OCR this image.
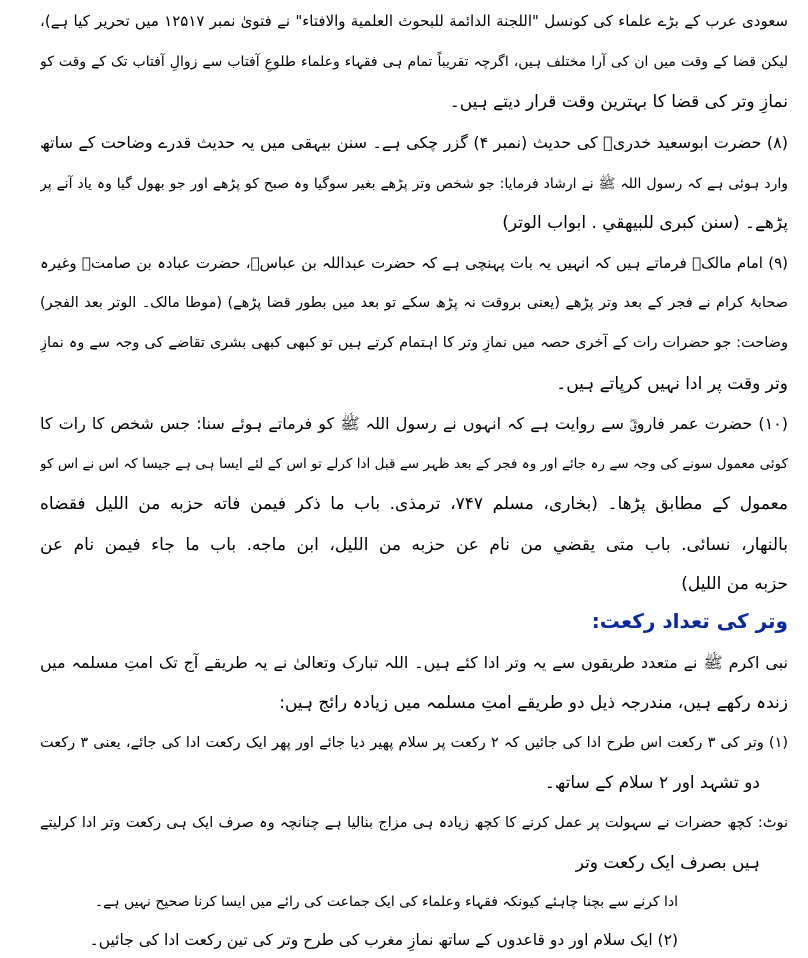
سعودی عرب کے بڑے علماء کی کونسل "اللجنة الدائمة للبحوث العلمية والافتاء" نے فتویٰ نمبر ۱۲۵۱۷ میں تحریر کیا ہے)،
لیکن قضا کے وقت میں ان کی آرا مختلف ہیں، اگرچہ تقریباً تمام ہی فقہاء وعلماء طلوعِ آفتاب سے زوالِ آفتاب تک کے وقت کو
نمازِ وتر کی قضا کا بہترین وقت قرار دیتے ہیں۔
(۸) حضرت ابوسعید خدریؓ کی حدیث (نمبر ۴) گزر چکی ہے۔ سنن بیہقی میں یہ حدیث قدرے وضاحت کے ساتھ
وارد ہوئی ہے کہ رسول اللہ ﷺ نے ارشاد فرمایا: جو شخص وتر پڑھے بغیر سوگیا وہ صبح کو پڑھے اور جو بھول گیا وہ یاد آنے پر
پڑھے۔ (سنن كبرى للبيهقي . ابواب الوتر)
(۹) امام مالکؒ فرماتے ہیں کہ انہیں یہ بات پہنچی ہے کہ حضرت عبداللہ بن عباسؓ، حضرت عبادہ بن صامتؓ وغیرہ
صحابۂ کرام نے فجر کے بعد وتر پڑھے (یعنی بروقت نہ پڑھ سکے تو بعد میں بطور قضا پڑھے) (موطا مالک۔ الوتر بعد الفجر)
وضاحت: جو حضرات رات کے آخری حصہ میں نمازِ وتر کا اہتمام کرتے ہیں تو کبھی کبھی بشری تقاضے کی وجہ سے وہ نمازِ
وتر وقت پر ادا نہیں کرپاتے ہیں۔
(۱۰) حضرت عمر فاروقؓ سے روایت ہے کہ انہوں نے رسول اللہ ﷺ کو فرماتے ہوئے سنا: جس شخص کا رات کا
کوئی معمول سونے کی وجہ سے رہ جائے اور وہ فجر کے بعد ظہر سے قبل ادا کرلے تو اس کے لئے ایسا ہی ہے جیسا کہ اس نے اس کو
معمول کے مطابق پڑھا۔ (بخاری، مسلم ۷۴۷، ترمذی. باب ما ذكر فيمن فاته حزبه من الليل فقضاه
بالنهار، نسائى. باب متى يقضي من نام عن حزبه من الليل، ابن ماجه. باب ما جاء فيمن نام عن
حزبه من الليل)
وتر کی تعداد رکعت:
نبی اکرم ﷺ نے متعدد طریقوں سے یہ وتر ادا کئے ہیں۔ اللہ تبارک وتعالیٰ نے یہ طریقے آج تک امتِ مسلمہ میں
زندہ رکھے ہیں، مندرجہ ذیل دو طریقے امتِ مسلمہ میں زیادہ رائج ہیں:
(۱) وتر کی ۳ رکعت اس طرح ادا کی جائیں کہ ۲ رکعت پر سلام پھیر دیا جائے اور پھر ایک رکعت ادا کی جائے، یعنی ۳ رکعت
دو تشہد اور ۲ سلام کے ساتھ۔
نوٹ: کچھ حضرات نے سہولت پر عمل کرنے کا کچھ زیادہ ہی مزاج بنالیا ہے چنانچہ وہ صرف ایک ہی رکعت وتر ادا کرلیتے
ہیں بصرف ایک رکعت وتر
ادا کرنے سے بچنا چاہئے کیونکہ فقہاء وعلماء کی ایک جماعت کی رائے میں ایسا کرنا صحیح نہیں ہے۔
(۲) ایک سلام اور دو قاعدوں کے ساتھ نمازِ مغرب کی طرح وتر کی تین رکعت ادا کی جائیں۔
